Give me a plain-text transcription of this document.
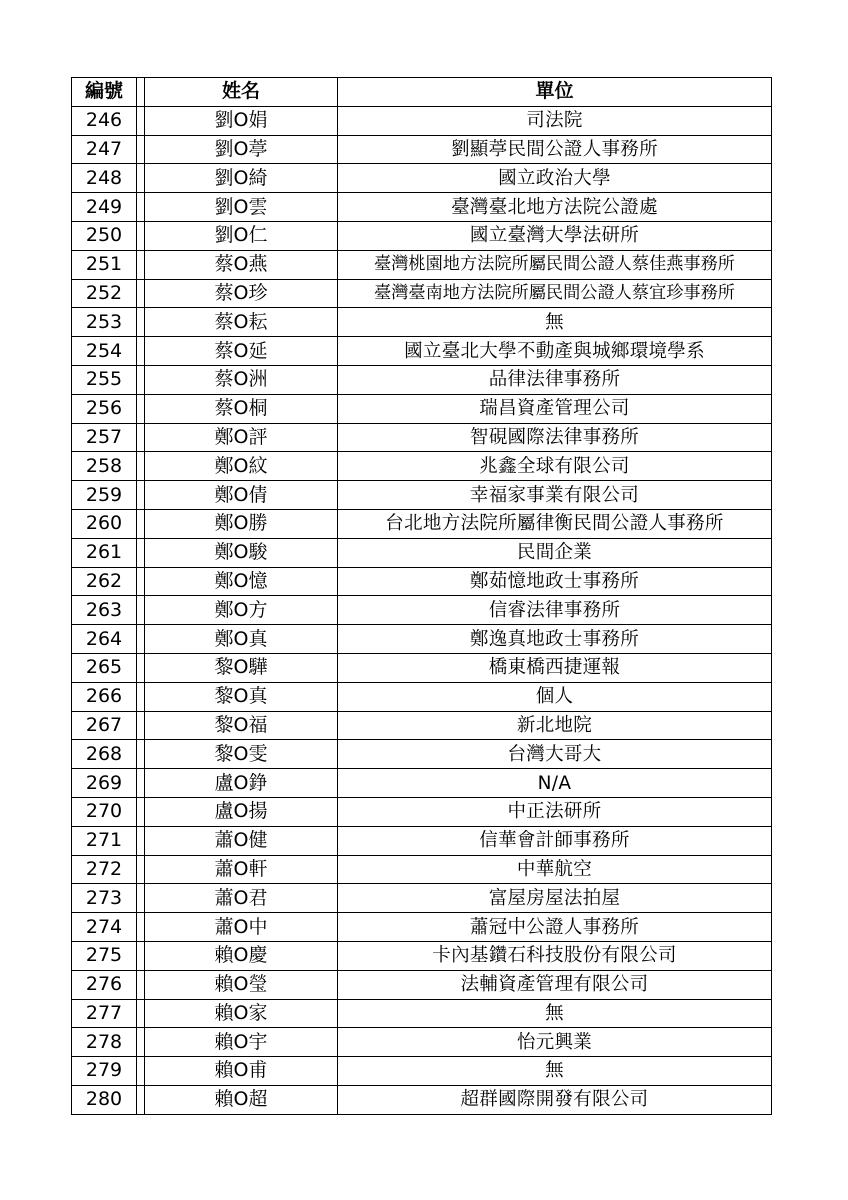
編號		姓名	單位
246		劉O娟	司法院
247		劉O葶	劉顯葶民間公證人事務所
248		劉O綺	國立政治大學
249		劉O雲	臺灣臺北地方法院公證處
250		劉O仁	國立臺灣大學法研所
251		蔡O燕	臺灣桃園地方法院所屬民間公證人蔡佳燕事務所
252		蔡O珍	臺灣臺南地方法院所屬民間公證人蔡宜珍事務所
253		蔡O耘	無
254		蔡O延	國立臺北大學不動產與城鄉環境學系
255		蔡O洲	品律法律事務所
256		蔡O桐	瑞昌資產管理公司
257		鄭O評	智硯國際法律事務所
258		鄭O紋	兆鑫全球有限公司
259		鄭O倩	幸福家事業有限公司
260		鄭O勝	台北地方法院所屬律衡民間公證人事務所
261		鄭O駿	民間企業
262		鄭O憶	鄭茹憶地政士事務所
263		鄭O方	信睿法律事務所
264		鄭O真	鄭逸真地政士事務所
265		黎O驊	橋東橋西捷運報
266		黎O真	個人
267		黎O福	新北地院
268		黎O雯	台灣大哥大
269		盧O錚	N/A
270		盧O揚	中正法研所
271		蕭O健	信華會計師事務所
272		蕭O軒	中華航空
273		蕭O君	富屋房屋法拍屋
274		蕭O中	蕭冠中公證人事務所
275		賴O慶	卡內基鑽石科技股份有限公司
276		賴O瑩	法輔資產管理有限公司
277		賴O家	無
278		賴O宇	怡元興業
279		賴O甫	無
280		賴O超	超群國際開發有限公司
